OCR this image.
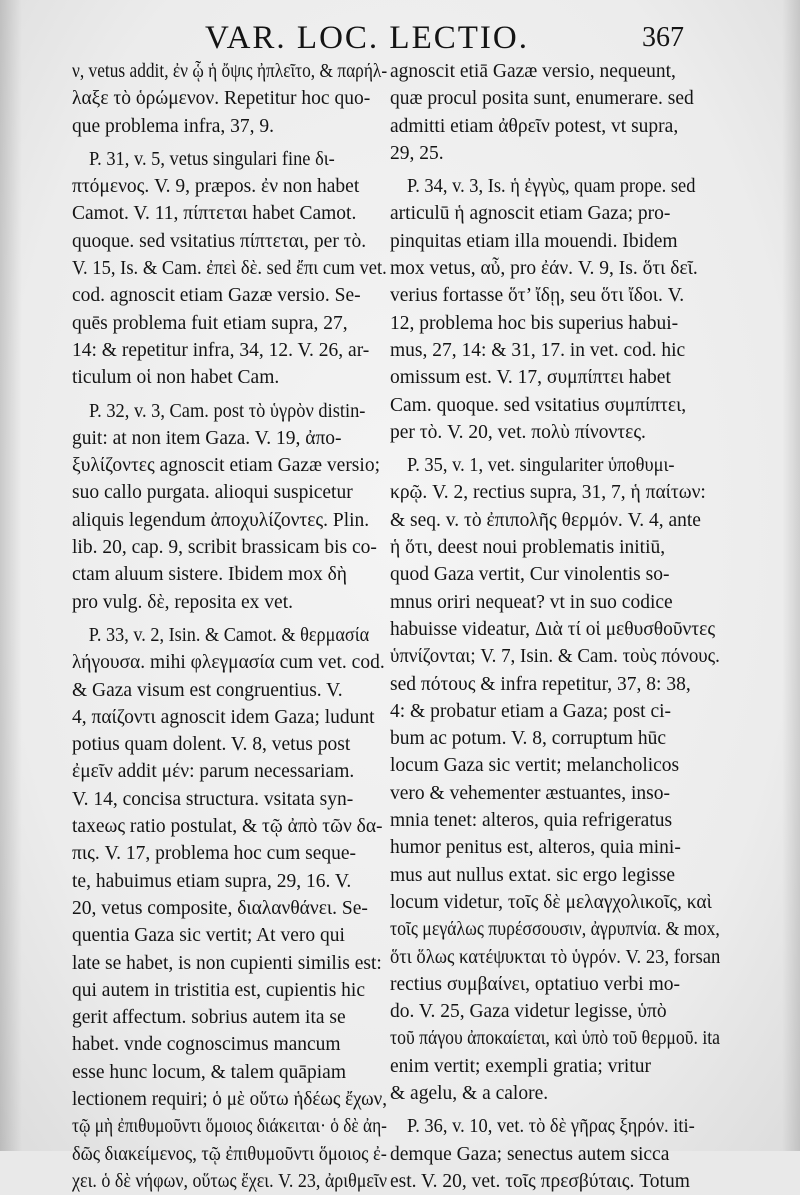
VAR. LOC. LECTIO.	367
ν, vetus addit, ἐν ᾧ ἡ ὄψις ἠπλεῖτο, & παρήλ-
λαξε τὸ ὁρώμενον. Repetitur hoc quo-
que problema infra, 37, 9.
P. 31, v. 5, vetus singulari fine δι-
πτόμενος. V. 9, præpos. ἐν non habet
Camot. V. 11, πίπτεται habet Camot.
quoque. sed vsitatius πίπτεται, per τὸ.
V. 15, Is. & Cam. ἐπεὶ δὲ. sed ἔπι cum vet.
cod. agnoscit etiam Gazæ versio. Se-
quēs problema fuit etiam supra, 27,
14: & repetitur infra, 34, 12. V. 26, ar-
ticulum οἱ non habet Cam.
P. 32, v. 3, Cam. post τὸ ὑγρὸν distin-
guit: at non item Gaza. V. 19, ἀπο-
ξυλίζοντες agnoscit etiam Gazæ versio;
suo callo purgata. alioqui suspicetur
aliquis legendum ἀποχυλίζοντες. Plin.
lib. 20, cap. 9, scribit brassicam bis co-
ctam aluum sistere. Ibidem mox δὴ
pro vulg. δὲ, reposita ex vet.
P. 33, v. 2, Isin. & Camot. & θερμασία
λήγουσα. mihi φλεγμασία cum vet. cod.
& Gaza visum est congruentius. V.
4, παίζοντι agnoscit idem Gaza; ludunt
potius quam dolent. V. 8, vetus post
ἐμεῖν addit μέν: parum necessariam.
V. 14, concisa structura. vsitata syn-
taxeως ratio postulat, & τῷ ἀπὸ τῶν δα-
πις. V. 17, problema hoc cum seque-
te, habuimus etiam supra, 29, 16. V.
20, vetus composite, διαλανθάνει. Se-
quentia Gaza sic vertit; At vero qui
late se habet, is non cupienti similis est:
qui autem in tristitia est, cupientis hic
gerit affectum. sobrius autem ita se
habet. vnde cognoscimus mancum
esse hunc locum, & talem quāpiam
lectionem requiri; ὁ μὲ οὕτω ἡδέως ἔχων,
τῷ μὴ ἐπιθυμοῦντι ὅμοιος διάκειται· ὁ δὲ ἀη-
δῶς διακείμενος, τῷ ἐπιθυμοῦντι ὅμοιος ἐ-
χει. ὁ δὲ νήφων, οὕτως ἔχει. V. 23, ἀριθμεῖν
agnoscit etiā Gazæ versio, nequeunt,
quæ procul posita sunt, enumerare. sed
admitti etiam ἀθρεῖν potest, vt supra,
29, 25.
P. 34, v. 3, Is. ἡ ἐγγὺς, quam prope. sed
articulū ἡ agnoscit etiam Gaza; pro-
pinquitas etiam illa mouendi. Ibidem
mox vetus, αὖ, pro ἐάν. V. 9, Is. ὅτι δεῖ.
verius fortasse ὅτ’ ἴδῃ, seu ὅτι ἴδοι. V.
12, problema hoc bis superius habui-
mus, 27, 14: & 31, 17. in vet. cod. hic
omissum est. V. 17, συμπίπτει habet
Cam. quoque. sed vsitatius συμπίπτει,
per τὸ. V. 20, vet. πολὺ πίνοντες.
P. 35, v. 1, vet. singulariter ὑποθυμι-
κρῷ. V. 2, rectius supra, 31, 7, ἡ παίτων:
& seq. v. τὸ ἐπιπολῆς θερμόν. V. 4, ante
ἡ ὅτι, deest noui problematis initiū,
quod Gaza vertit, Cur vinolentis so-
mnus oriri nequeat? vt in suo codice
habuisse videatur, Διὰ τί οἱ μεθυσθοῦντες
ὑπνίζονται; V. 7, Isin. & Cam. τοὺς πόνους.
sed πότους & infra repetitur, 37, 8: 38,
4: & probatur etiam a Gaza; post ci-
bum ac potum. V. 8, corruptum hūc
locum Gaza sic vertit; melancholicos
vero & vehementer æstuantes, inso-
mnia tenet: alteros, quia refrigeratus
humor penitus est, alteros, quia mini-
mus aut nullus extat. sic ergo legisse
locum videtur, τοῖς δὲ μελαγχολικοῖς, καὶ
τοῖς μεγάλως πυρέσσουσιν, ἀγρυπνία. & mox,
ὅτι ὅλως κατέψυκται τὸ ὑγρόν. V. 23, forsan
rectius συμβαίνει, optatiuo verbi mo-
do. V. 25, Gaza videtur legisse, ὑπὸ
τοῦ πάγου ἀποκαίεται, καὶ ὑπὸ τοῦ θερμοῦ. ita
enim vertit; exempli gratia; vritur
& agelu, & a calore.
P. 36, v. 10, vet. τὸ δὲ γῆρας ξηρόν. iti-
demque Gaza; senectus autem sicca
est. V. 20, vet. τοῖς πρεσβύταις. Totum
